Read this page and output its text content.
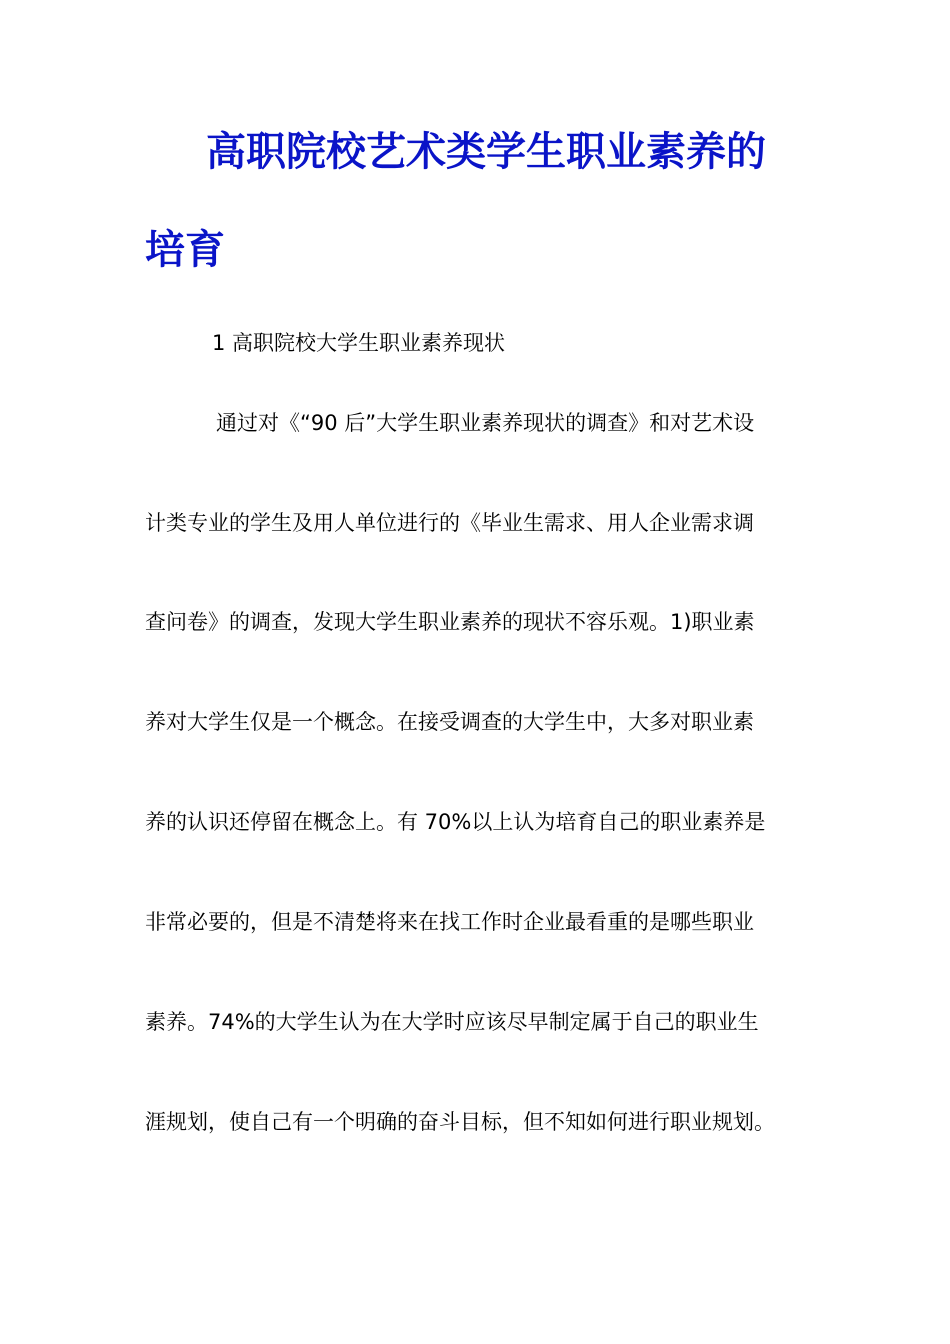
高职院校艺术类学生职业素养的
培育
1 高职院校大学生职业素养现状
通过对《“90 后”大学生职业素养现状的调查》和对艺术设
计类专业的学生及用人单位进行的《毕业生需求、用人企业需求调
查问卷》的调查，发现大学生职业素养的现状不容乐观。1)职业素
养对大学生仅是一个概念。在接受调查的大学生中，大多对职业素
养的认识还停留在概念上。有 70%以上认为培育自己的职业素养是
非常必要的，但是不清楚将来在找工作时企业最看重的是哪些职业
素养。74%的大学生认为在大学时应该尽早制定属于自己的职业生
涯规划，使自己有一个明确的奋斗目标，但不知如何进行职业规划。
